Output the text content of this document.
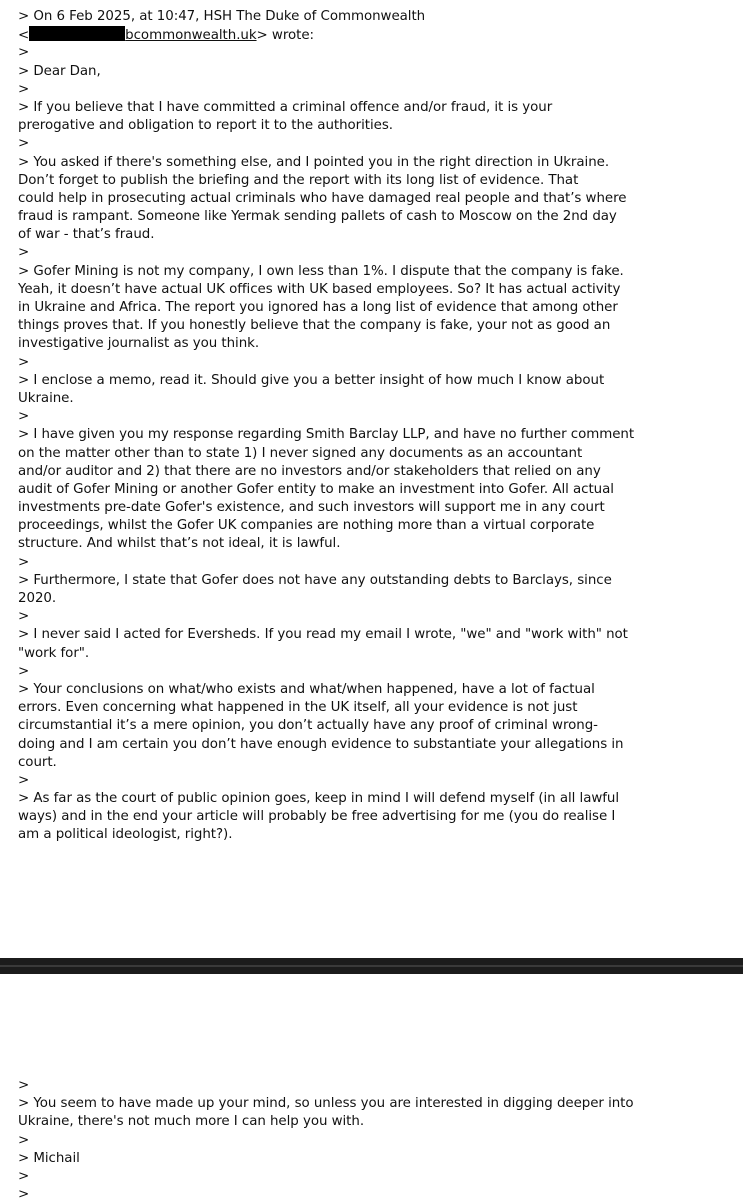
> On 6 Feb 2025, at 10:47, HSH The Duke of Commonwealth
<	bcommonwealth.uk> wrote:
>
> Dear Dan,
>
> If you believe that I have committed a criminal offence and/or fraud, it is your
prerogative and obligation to report it to the authorities.
>
> You asked if there's something else, and I pointed you in the right direction in Ukraine.
Don’t forget to publish the briefing and the report with its long list of evidence. That
could help in prosecuting actual criminals who have damaged real people and that’s where
fraud is rampant. Someone like Yermak sending pallets of cash to Moscow on the 2nd day
of war - that’s fraud.
>
> Gofer Mining is not my company, I own less than 1%. I dispute that the company is fake.
Yeah, it doesn’t have actual UK offices with UK based employees. So? It has actual activity
in Ukraine and Africa. The report you ignored has a long list of evidence that among other
things proves that. If you honestly believe that the company is fake, your not as good an
investigative journalist as you think.
>
> I enclose a memo, read it. Should give you a better insight of how much I know about
Ukraine.
>
> I have given you my response regarding Smith Barclay LLP, and have no further comment
on the matter other than to state 1) I never signed any documents as an accountant
and/or auditor and 2) that there are no investors and/or stakeholders that relied on any
audit of Gofer Mining or another Gofer entity to make an investment into Gofer. All actual
investments pre-date Gofer's existence, and such investors will support me in any court
proceedings, whilst the Gofer UK companies are nothing more than a virtual corporate
structure. And whilst that’s not ideal, it is lawful.
>
> Furthermore, I state that Gofer does not have any outstanding debts to Barclays, since
2020.
>
> I never said I acted for Eversheds. If you read my email I wrote, "we" and "work with" not
"work for".
>
> Your conclusions on what/who exists and what/when happened, have a lot of factual
errors. Even concerning what happened in the UK itself, all your evidence is not just
circumstantial it’s a mere opinion, you don’t actually have any proof of criminal wrong-
doing and I am certain you don’t have enough evidence to substantiate your allegations in
court.
>
> As far as the court of public opinion goes, keep in mind I will defend myself (in all lawful
ways) and in the end your article will probably be free advertising for me (you do realise I
am a political ideologist, right?).
>
> You seem to have made up your mind, so unless you are interested in digging deeper into
Ukraine, there's not much more I can help you with.
>
> Michail
>
>
